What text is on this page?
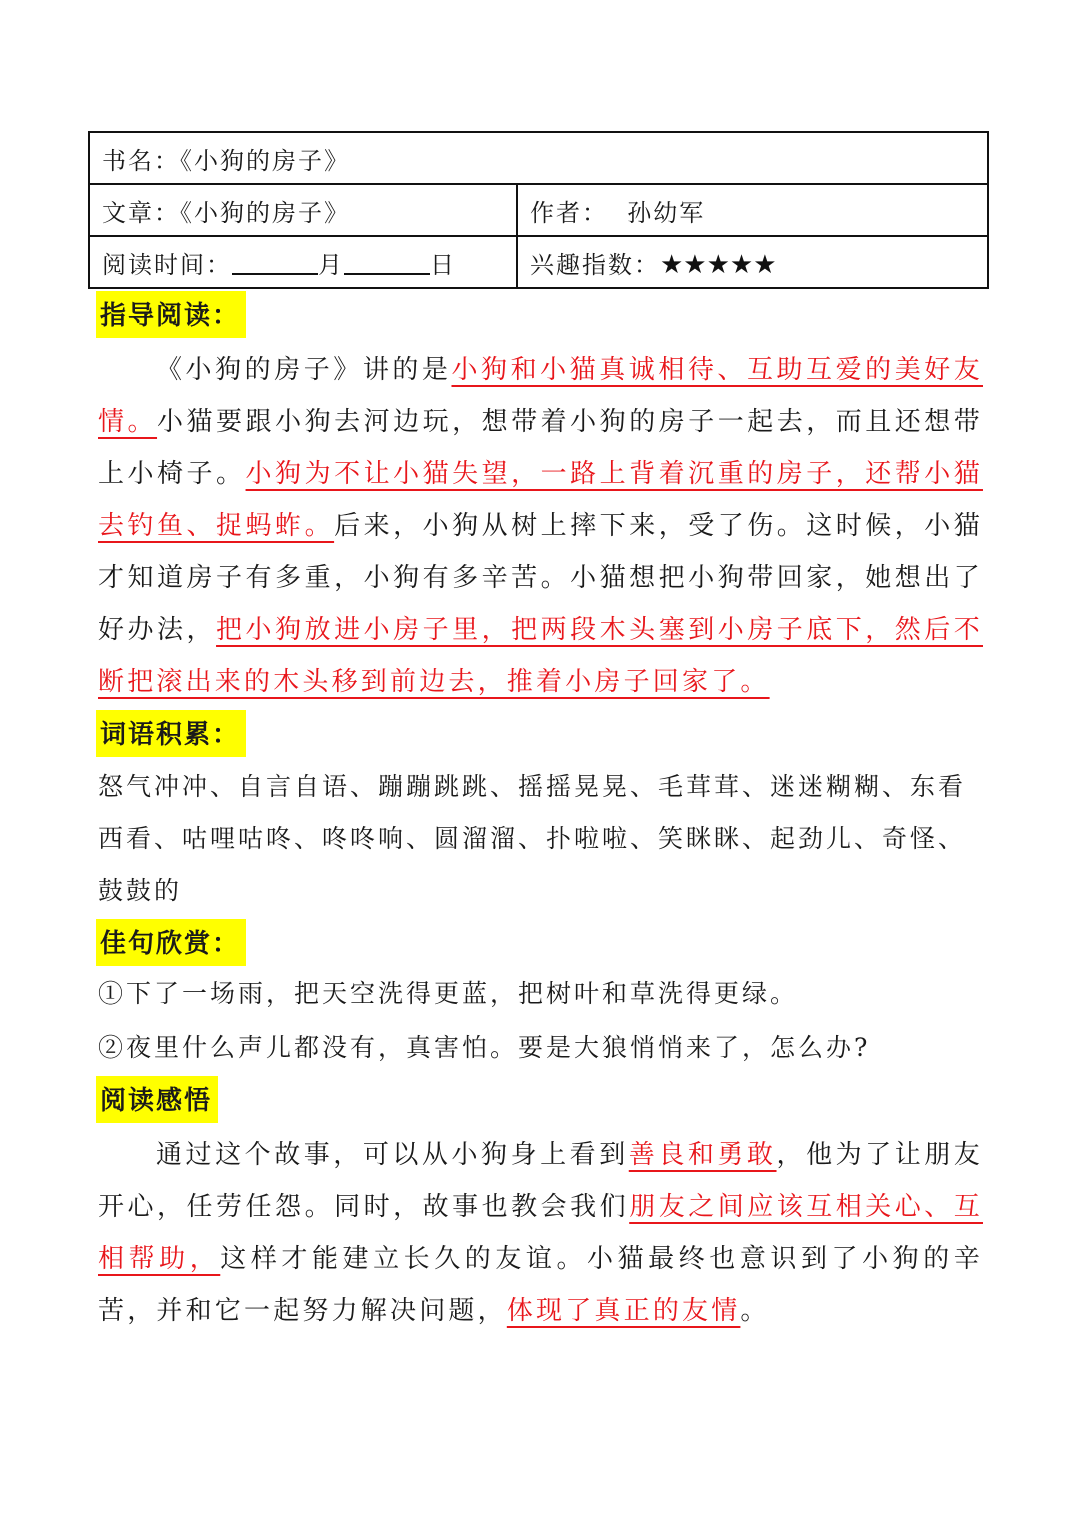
书名：《小狗的房子》	
文章：《小狗的房子》	作者： 孙幼军
阅读时间： 月 日	兴趣指数：★★★★★
指导阅读：
《小狗的房子》讲的是小狗和小猫真诚相待、互助互爱的美好友情。小猫要跟小狗去河边玩，想带着小狗的房子一起去，而且还想带上小椅子。小狗为不让小猫失望，一路上背着沉重的房子，还帮小猫去钓鱼、捉蚂蚱。后来，小狗从树上摔下来，受了伤。这时候，小猫才知道房子有多重，小狗有多辛苦。小猫想把小狗带回家，她想出了好办法，把小狗放进小房子里，把两段木头塞到小房子底下，然后不断把滚出来的木头移到前边去，推着小房子回家了。
词语积累：
怒气冲冲、自言自语、蹦蹦跳跳、摇摇晃晃、毛茸茸、迷迷糊糊、东看西看、咕哩咕咚、咚咚响、圆溜溜、扑啦啦、笑眯眯、起劲儿、奇怪、鼓鼓的
佳句欣赏：
①下了一场雨，把天空洗得更蓝，把树叶和草洗得更绿。
②夜里什么声儿都没有，真害怕。要是大狼悄悄来了，怎么办?
阅读感悟
通过这个故事，可以从小狗身上看到善良和勇敢，他为了让朋友开心，任劳任怨。同时，故事也教会我们朋友之间应该互相关心、互相帮助，这样才能建立长久的友谊。小猫最终也意识到了小狗的辛苦，并和它一起努力解决问题，体现了真正的友情。
